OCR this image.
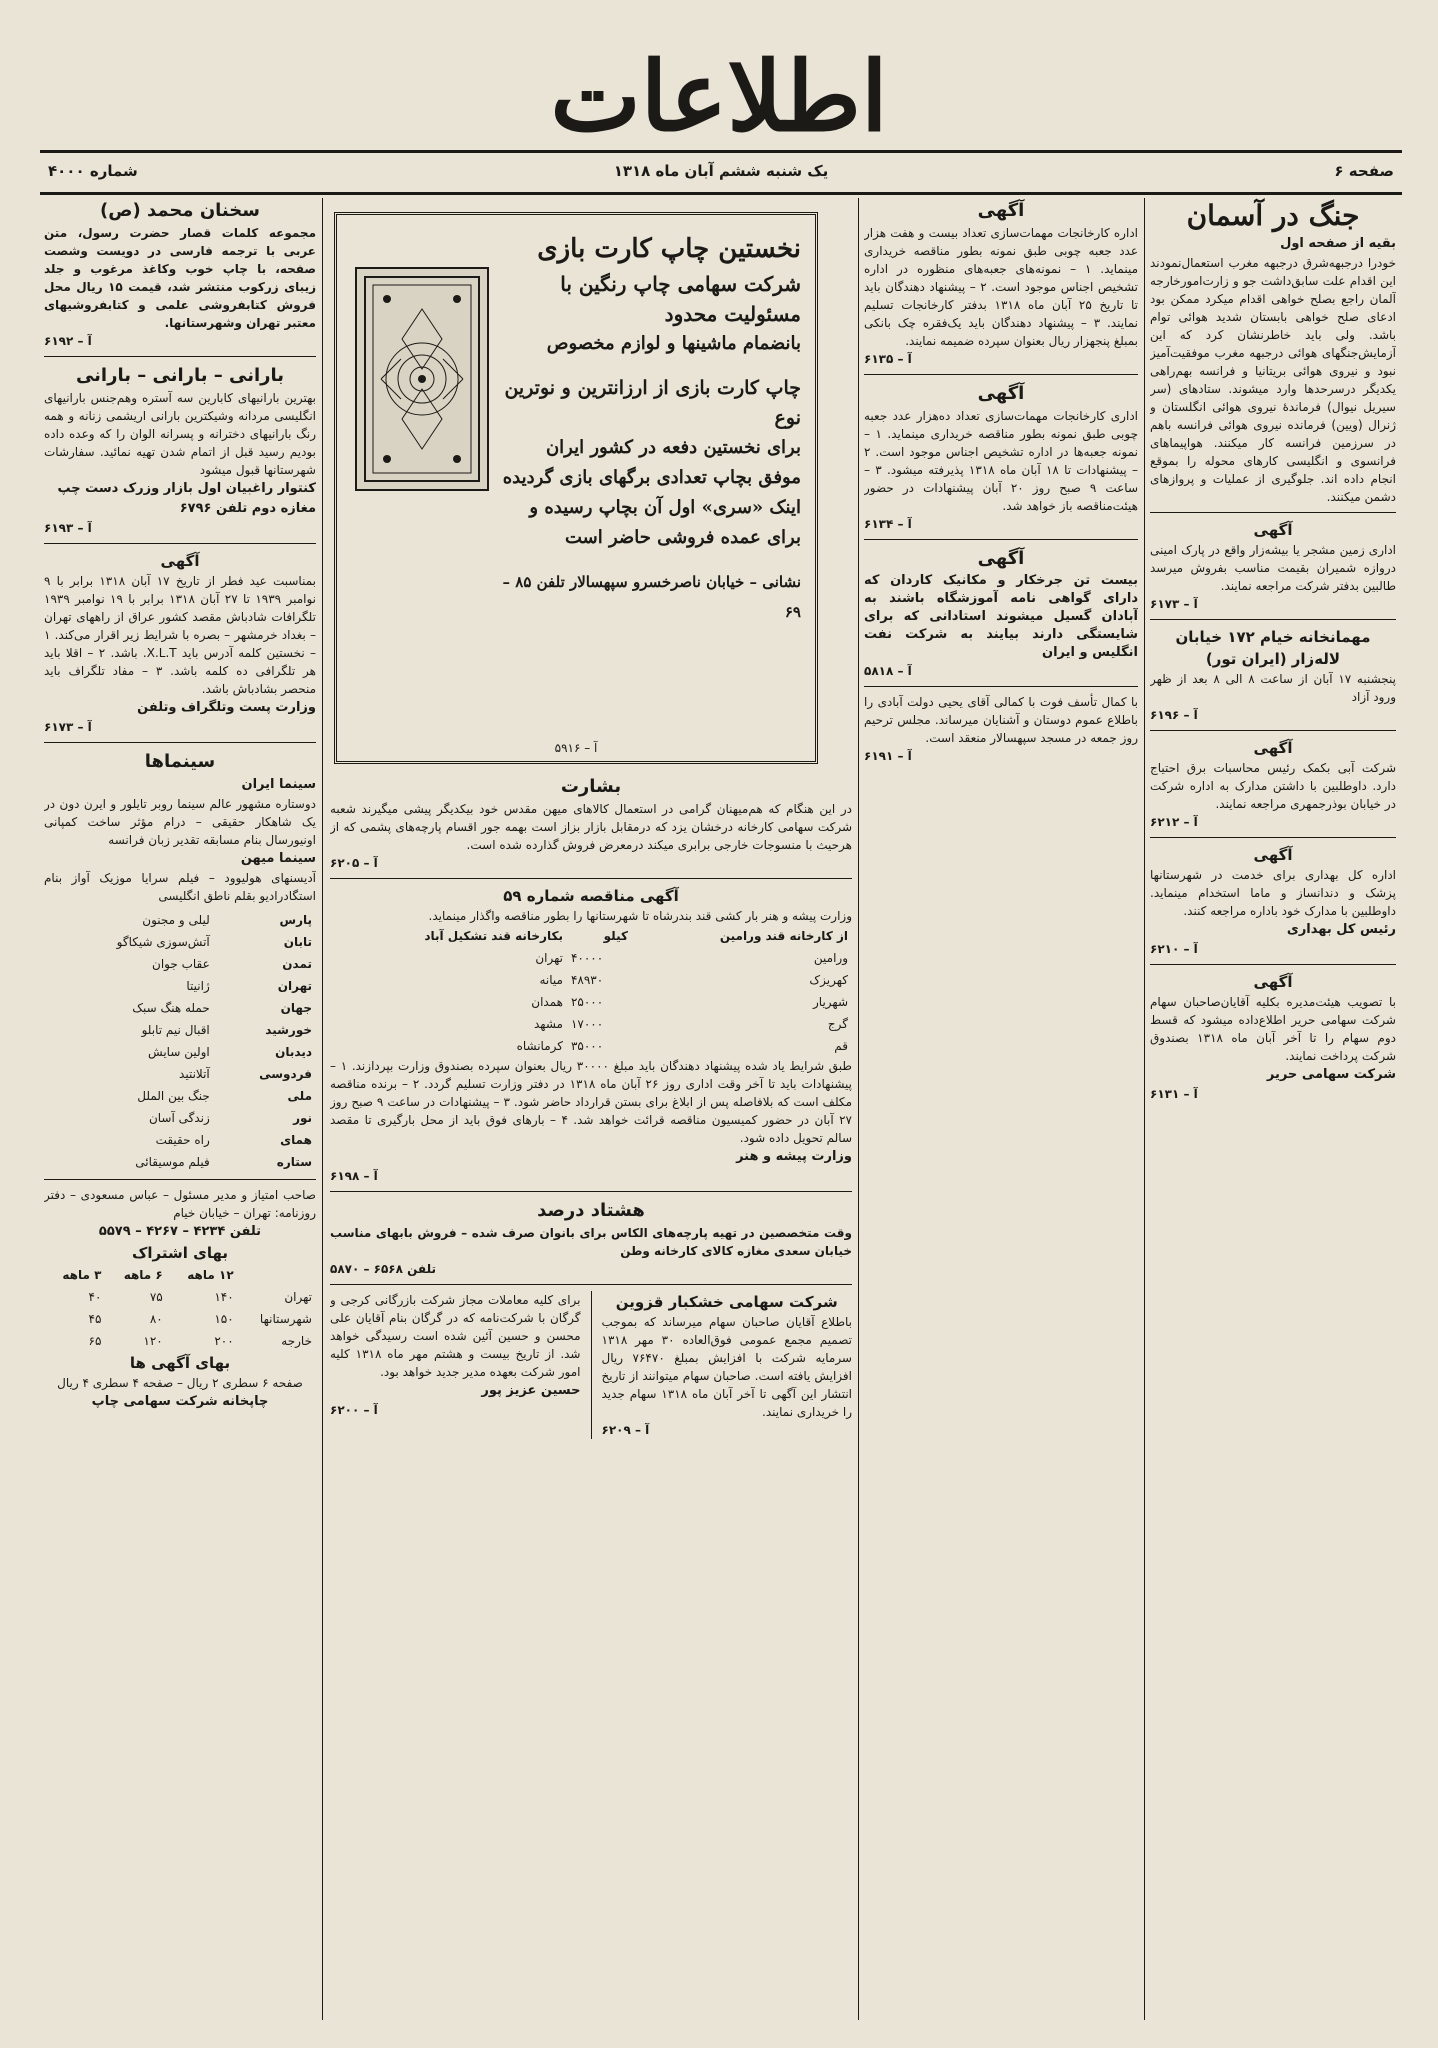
اطلاعات
صفحه ۶
یک شنبه ششم آبان ماه ۱۳۱۸
شماره ۴۰۰۰
جنگ در آسمان
بقیه از صفحه اول
خودرا درجبهه‌شرق درجبهه مغرب استعمال‌نمودند این اقدام علت سابق‌داشت جو و زارت‌امورخارجه آلمان راجع بصلح خواهی اقدام میکرد ممکن بود ادعای صلح خواهی بابستان شدید هوائی توام باشد. ولی باید خاطرنشان کرد که این آزمایش‌جنگهای هوائی درجبهه مغرب موفقیت‌آمیز نبود و نیروی هوائی بریتانیا و فرانسه بهم‌راهی یکدیگر درسرحدها وارد میشوند. ستادهای (سر سیریل نیوال) فرماندهٔ نیروی هوائی انگلستان و ژنرال (ویین) فرمانده نیروی هوائی فرانسه باهم در سرزمین فرانسه کار میکنند. هواپیماهای فرانسوی و انگلیسی کارهای محوله را بموقع انجام داده اند. جلوگیری از عملیات و پروازهای دشمن میکنند.
آگهی
اداری زمین مشجر یا بیشه‌زار واقع در پارک امینی دروازه شمیران بقیمت مناسب بفروش میرسد طالبین بدفتر شرکت مراجعه نمایند.
آ – ۶۱۷۳
مهمانخانه خیام ۱۷۲ خیابان لاله‌زار (ایران تور)
پنجشنبه ۱۷ آبان از ساعت ۸ الی ۸ بعد از ظهر ورود آزاد
آ – ۶۱۹۶
آگهی
شرکت آبی بکمک رئیس محاسبات برق احتیاج دارد. داوطلبین با داشتن مدارک به اداره شرکت در خیابان بوذرجمهری مراجعه نمایند.
آ – ۶۲۱۲
آگهی
اداره کل بهداری برای خدمت در شهرستانها پزشک و دندانساز و ماما استخدام مینماید. داوطلبین با مدارک خود باداره مراجعه کنند.
رئیس کل بهداری
آ – ۶۲۱۰
آگهی
با تصویب هیئت‌مدیره بکلیه آقایان‌صاحبان سهام شرکت سهامی حریر اطلاع‌داده میشود که قسط دوم سهام را تا آخر آبان ماه ۱۳۱۸ بصندوق شرکت پرداخت نمایند.
شرکت سهامی حریر
آ – ۶۱۳۱
آگهی
اداره کارخانجات مهمات‌سازی تعداد بیست و هفت هزار عدد جعبه چوبی طبق نمونه بطور مناقصه خریداری مینماید. ۱ – نمونه‌های جعبه‌های منظوره در اداره تشخیص اجناس موجود است. ۲ – پیشنهاد دهندگان باید تا تاریخ ۲۵ آبان ماه ۱۳۱۸ بدفتر کارخانجات تسلیم نمایند. ۳ – پیشنهاد دهندگان باید یک‌فقره چک بانکی بمبلغ پنجهزار ریال بعنوان سپرده ضمیمه نمایند.
آ – ۶۱۳۵
آگهی
اداری کارخانجات مهمات‌سازی تعداد ده‌هزار عدد جعبه چوبی طبق نمونه بطور مناقصه خریداری مینماید. ۱ – نمونه جعبه‌ها در اداره تشخیص اجناس موجود است. ۲ – پیشنهادات تا ۱۸ آبان ماه ۱۳۱۸ پذیرفته میشود. ۳ – ساعت ۹ صبح روز ۲۰ آبان پیشنهادات در حضور هیئت‌مناقصه باز خواهد شد.
آ – ۶۱۳۴
آگهی
بیست تن جرخکار و مکانیک کاردان که دارای گواهی نامه آموزشگاه باشند به آبادان گسیل میشوند استادانی که برای شایستگی دارند بیایند به شرکت نفت انگلیس و ایران
آ – ۵۸۱۸
با کمال تأسف فوت با کمالی آقای یحیی دولت آبادی را باطلاع عموم دوستان و آشنایان میرساند. مجلس ترحیم روز جمعه در مسجد سپهسالار منعقد است.
آ – ۶۱۹۱
نخستین چاپ کارت بازی
شرکت سهامی چاپ رنگین با مسئولیت محدود
بانضمام ماشینها و لوازم مخصوص
چاپ کارت بازی از ارزانترین و نوترین نوع
برای نخستین دفعه در کشور ایران موفق بچاپ تعدادی برگهای بازی گردیده
اینک «سری» اول آن بچاپ رسیده و برای عمده فروشی حاضر است
نشانی – خیابان ناصرخسرو سپهسالار تلفن ۸۵ – ۶۹
آ – ۵۹۱۶
بشارت
در این هنگام که هم‌میهنان گرامی در استعمال کالاهای میهن مقدس خود بیکدیگر پیشی میگیرند شعبه شرکت سهامی کارخانه درخشان یزد که درمقابل بازار بزاز است بهمه جور اقسام پارچه‌های پشمی که از هرحیث با منسوجات خارجی برابری میکند درمعرض فروش گذارده شده است.
آ – ۶۲۰۵
آگهی مناقصه شماره ۵۹
وزارت پیشه و هنر بار کشی قند بندرشاه تا شهرستانها را بطور مناقصه واگذار مینماید.
از کارخانه قند ورامین	کیلو	بکارخانه قند تشکیل آباد
ورامین	۴۰۰۰۰	تهران
کهریزک	۴۸۹۳۰	میانه
شهریار	۲۵۰۰۰	همدان
گرج	۱۷۰۰۰	مشهد
قم	۳۵۰۰۰	کرمانشاه
طبق شرایط یاد شده پیشنهاد دهندگان باید مبلغ ۳۰۰۰۰ ریال بعنوان سپرده بصندوق وزارت بپردازند. ۱ – پیشنهادات باید تا آخر وقت اداری روز ۲۶ آبان ماه ۱۳۱۸ در دفتر وزارت تسلیم گردد. ۲ – برنده مناقصه مکلف است که بلافاصله پس از ابلاغ برای بستن قرارداد حاضر شود. ۳ – پیشنهادات در ساعت ۹ صبح روز ۲۷ آبان در حضور کمیسیون مناقصه قرائت خواهد شد. ۴ – بارهای فوق باید از محل بارگیری تا مقصد سالم تحویل داده شود.
وزارت پیشه و هنر
آ – ۶۱۹۸
هشتاد درصد
وقت متخصصین در تهیه پارچه‌های الکاس برای بانوان صرف شده – فروش بابهای مناسب خیابان سعدی مغازه کالای کارخانه وطن
تلفن ۶۵۶۸ – ۵۸۷۰
شرکت سهامی خشکبار قزوین
باطلاع آقایان صاحبان سهام میرساند که بموجب تصمیم مجمع عمومی فوق‌العاده ۳۰ مهر ۱۳۱۸ سرمایه شرکت با افزایش بمبلغ ۷۶۴۷۰ ریال افزایش یافته است. صاحبان سهام میتوانند از تاریخ انتشار این آگهی تا آخر آبان ماه ۱۳۱۸ سهام جدید را خریداری نمایند.
آ – ۶۲۰۹
برای کلیه معاملات مجاز شرکت بازرگانی کرجی و گرگان با شرکت‌نامه که در گرگان بنام آقایان علی محسن و حسین آئین شده است رسیدگی خواهد شد. از تاریخ بیست و هشتم مهر ماه ۱۳۱۸ کلیه امور شرکت بعهده مدیر جدید خواهد بود.
حسین عزیز پور
آ – ۶۲۰۰
سخنان محمد (ص)
مجموعه کلمات قصار حضرت رسول، متن عربی با ترجمه فارسی در دویست وشصت صفحه، با چاپ خوب وکاغذ مرغوب و جلد زیبای زرکوب منتشر شد، قیمت ۱۵ ریال محل فروش کتابفروشی علمی و کتابفروشیهای معتبر تهران وشهرستانها.
آ – ۶۱۹۲
بارانی – بارانی – بارانی
بهترین بارانیهای کابارین سه آستره وهم‌جنس بارانیهای انگلیسی مردانه وشیکترین بارانی اریشمی زنانه و همه رنگ بارانیهای دخترانه و پسرانه الوان را که وعده داده بودیم رسید قبل از اتمام شدن تهیه نمائید. سفارشات شهرستانها قبول میشود
کنتوار راغبیان اول بازار وزرک دست چپ مغازه دوم تلفن ۶۷۹۶
آ – ۶۱۹۳
آگهی
بمناسبت عید فطر از تاریخ ۱۷ آبان ۱۳۱۸ برابر با ۹ نوامبر ۱۹۳۹ تا ۲۷ آبان ۱۳۱۸ برابر با ۱۹ نوامبر ۱۹۳۹ تلگرافات شادباش مقصد کشور عراق از راههای تهران – بغداد خرمشهر – بصره با شرایط زیر اقرار می‌کند. ۱ – نخستین کلمه آدرس باید X.L.T. باشد. ۲ – اقلا باید هر تلگرافی ده کلمه باشد. ۳ – مفاد تلگراف باید منحصر بشادباش باشد.
وزارت پست وتلگراف وتلفن
آ – ۶۱۷۳
سینماها
سینما ایران
دوستاره مشهور عالم سینما روبر تایلور و ایرن دون در یک شاهکار حقیقی – درام مؤثر ساخت کمپانی اونیورسال بنام مسابقه تقدیر زبان فرانسه
سینما میهن
آدیسنهای هولیوود – فیلم سرایا موزیک آواز بنام استگادرادیو بقلم ناطق انگلیسی
پارس	لیلی و مجنون
تابان	آتش‌سوزی شیکاگو
تمدن	عقاب جوان
تهران	ژانیتا
جهان	حمله هنگ سبک
خورشید	اقبال نیم تابلو
دیدبان	اولین سایش
فردوسی	آتلانتید
ملی	جنگ بین الملل
نور	زندگی آسان
همای	راه حقیقت
ستاره	فیلم موسیقائی
صاحب امتیاز و مدیر مسئول – عباس مسعودی – دفتر روزنامه: تهران – خیابان خیام
تلفن ۴۲۳۴ – ۴۲۶۷ – ۵۵۷۹
بهای اشتراک
	۱۲ ماهه	۶ ماهه	۳ ماهه
تهران	۱۴۰	۷۵	۴۰
شهرستانها	۱۵۰	۸۰	۴۵
خارجه	۲۰۰	۱۲۰	۶۵
بهای آگهی ها
صفحه ۶ سطری ۲ ریال – صفحه ۴ سطری ۴ ریال
چاپخانه شرکت سهامی چاپ
